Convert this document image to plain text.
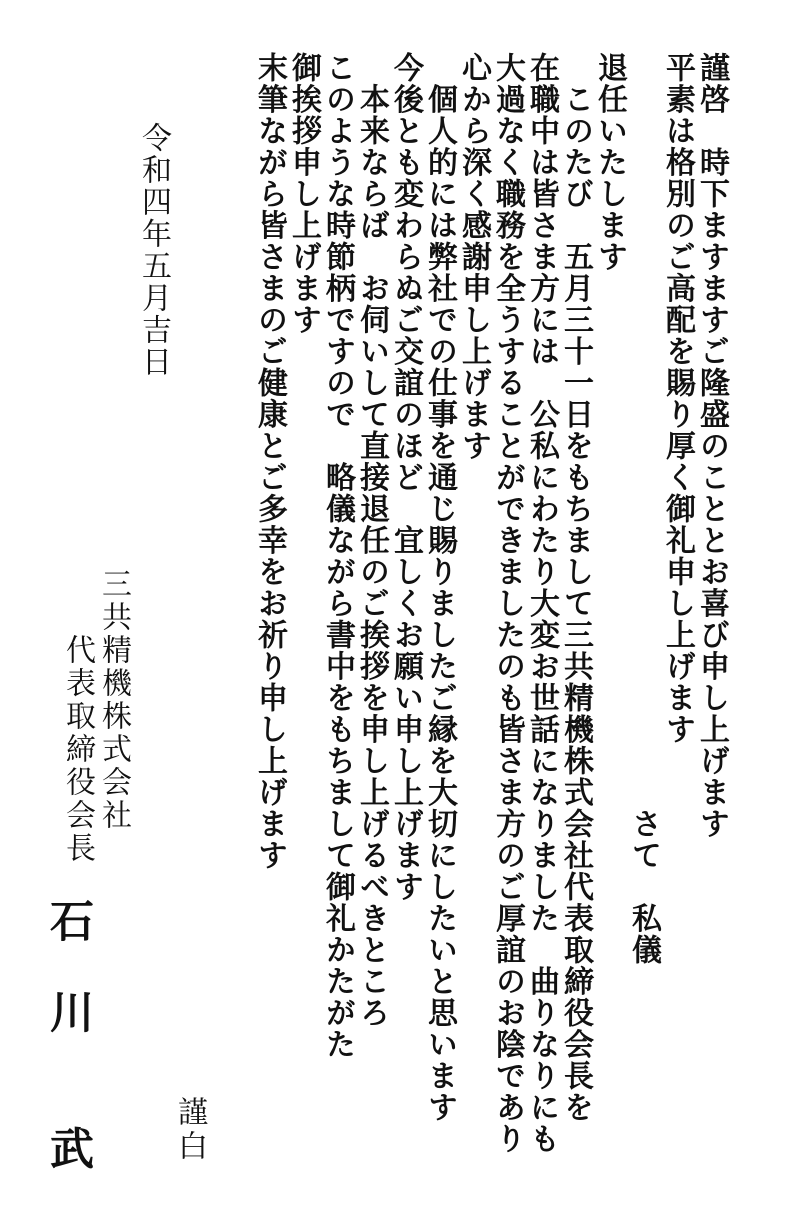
謹啓　時下ますますご隆盛のこととお喜び申し上げます
平素は格別のご高配を賜り厚く御礼申し上げます
　　　　　　　　　　　　　　　　　　　　　　　　さて　私儀
退任いたします
　このたび　五月三十一日をもちまして三共精機株式会社代表取締役会長を
在職中は皆さま方には　公私にわたり大変お世話になりました　曲りなりにも
大過なく職務を全うすることができましたのも皆さま方のご厚誼のお陰であり
心から深く感謝申し上げます
　個人的には弊社での仕事を通じ賜りましたご縁を大切にしたいと思います
今後とも変わらぬご交誼のほど　宜しくお願い申し上げます
　本来ならば　お伺いして直接退任のご挨拶を申し上げるべきところ
このような時節柄ですので　略儀ながら書中をもちまして御礼かたがた
御挨拶申し上げます
末筆ながら皆さまのご健康とご多幸をお祈り申し上げます
令和四年五月吉日
謹白
三共精機株式会社
代表取締役会長
石　川　　武
